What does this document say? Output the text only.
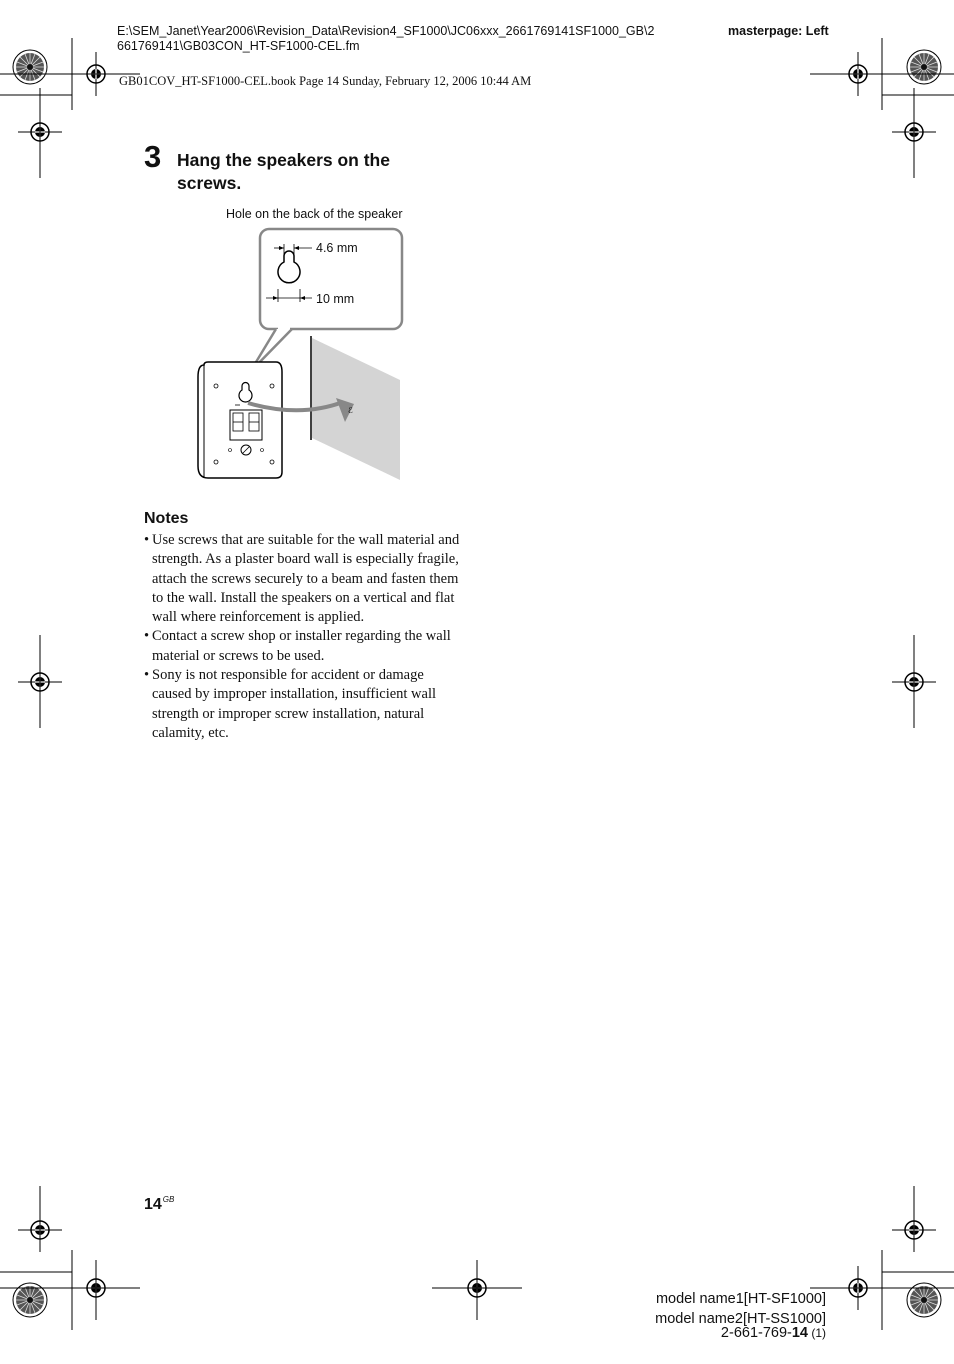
E:\SEM_Janet\Year2006\Revision_Data\Revision4_SF1000\JC06xxx_2661769141SF1000_GB\2
661769141\GB03CON_HT-SF1000-CEL.fm
masterpage: Left
GB01COV_HT-SF1000-CEL.book Page 14 Sunday, February 12, 2006 10:44 AM
3 Hang the speakers on the screws.
Hole on the back of the speaker
ℰ
4.6 mm
10 mm
Notes
• Use screws that are suitable for the wall material and strength. As a plaster board wall is especially fragile, attach the screws securely to a beam and fasten them to the wall. Install the speakers on a vertical and flat wall where reinforcement is applied.
• Contact a screw shop or installer regarding the wall material or screws to be used.
• Sony is not responsible for accident or damage caused by improper installation, insufficient wall strength or improper screw installation, natural calamity, etc.
$14^{GB}$
model name1[HT-SF1000]
model name2[HT-SS1000]
2-661-769-14 (1)
